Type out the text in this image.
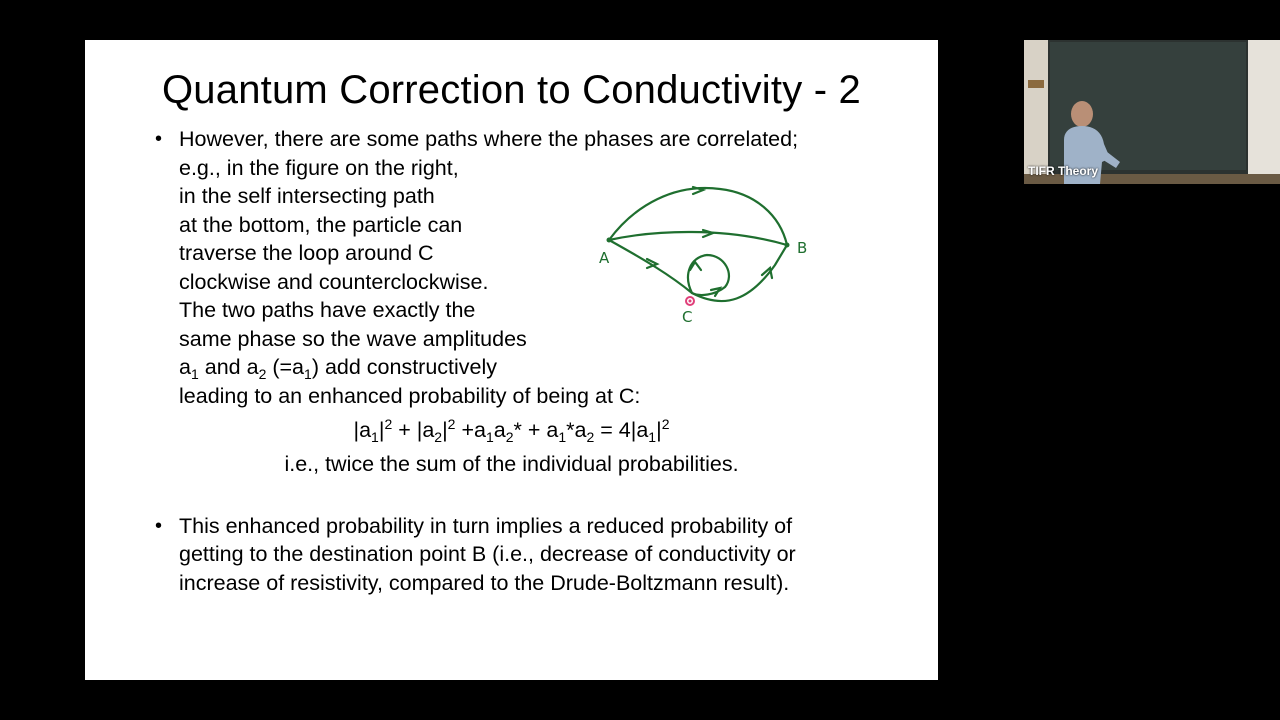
Quantum Correction to Conductivity - 2
• However, there are some paths where the phases are correlated;
e.g., in the figure on the right,
in the self intersecting path
at the bottom, the particle can
traverse the loop around C
clockwise and counterclockwise.
The two paths have exactly the
same phase so the wave amplitudes
$a_1$ and $a_2$ $(=a_1)$ add constructively
leading to an enhanced probability of being at C:
$|a_1|^2 + |a_2|^2 +a_1a_2* + a_1*a_2 = 4|a_1|^2$
i.e., twice the sum of the individual probabilities.
• This enhanced probability in turn implies a reduced probability of
getting to the destination point B (i.e., decrease of conductivity or
increase of resistivity, compared to the Drude-Boltzmann result).
A
B
C
TIFR Theory
